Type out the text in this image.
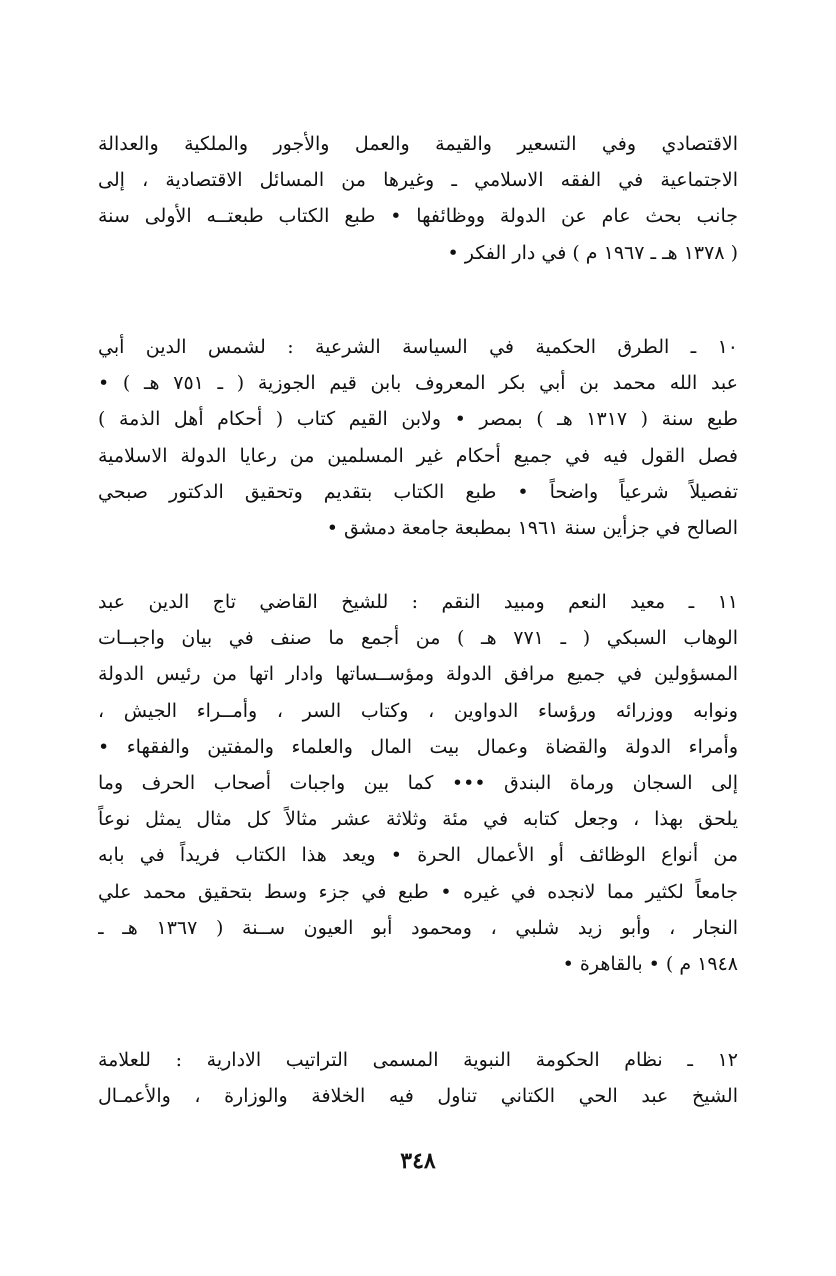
الاقتصادي وفي التسعير والقيمة والعمل والأجور والملكية والعدالة
الاجتماعية في الفقه الاسلامي ـ وغيرها من المسائل الاقتصادية ، إلى
جانب بحث عام عن الدولة ووظائفها • طبع الكتاب طبعتــه الأولى سنة
( ١٣٧٨ هـ ـ ١٩٦٧ م ) في دار الفكر •
١٠ ـ الطرق الحكمية في السياسة الشرعية : لشمس الدين أبي
عبد الله محمد بن أبي بكر المعروف بابن قيم الجوزية ( ـ ٧٥١ هـ ) •
طبع سنة ( ١٣١٧ هـ ) بمصر • ولابن القيم كتاب ( أحكام أهل الذمة )
فصل القول فيه في جميع أحكام غير المسلمين من رعايا الدولة الاسلامية
تفصيلاً شرعياً واضحاً • طبع الكتاب بتقديم وتحقيق الدكتور صبحي
الصالح في جزأين سنة ١٩٦١ بمطبعة جامعة دمشق •
١١ ـ معيد النعم ومبيد النقم : للشيخ القاضي تاج الدين عبد
الوهاب السبكي ( ـ ٧٧١ هـ ) من أجمع ما صنف في بيان واجبــات
المسؤولين في جميع مرافق الدولة ومؤســساتها وادار اتها من رئيس الدولة
ونوابه ووزرائه ورؤساء الدواوين ، وكتاب السر ، وأمــراء الجيش ،
وأمراء الدولة والقضاة وعمال بيت المال والعلماء والمفتين والفقهاء •
إلى السجان ورماة البندق ••• كما بين واجبات أصحاب الحرف وما
يلحق بهذا ، وجعل كتابه في مئة وثلاثة عشر مثالاً كل مثال يمثل نوعاً
من أنواع الوظائف أو الأعمال الحرة • ويعد هذا الكتاب فريداً في بابه
جامعاً لكثير مما لانجده في غيره • طبع في جزء وسط بتحقيق محمد علي
النجار ، وأبو زيد شلبي ، ومحمود أبو العيون ســنة ( ١٣٦٧ هـ ـ
١٩٤٨ م ) • بالقاهرة •
١٢ ـ نظام الحكومة النبوية المسمى التراتيب الادارية : للعلامة
الشيخ عبد الحي الكتاني تناول فيه الخلافة والوزارة ، والأعمـال
٣٤٨
